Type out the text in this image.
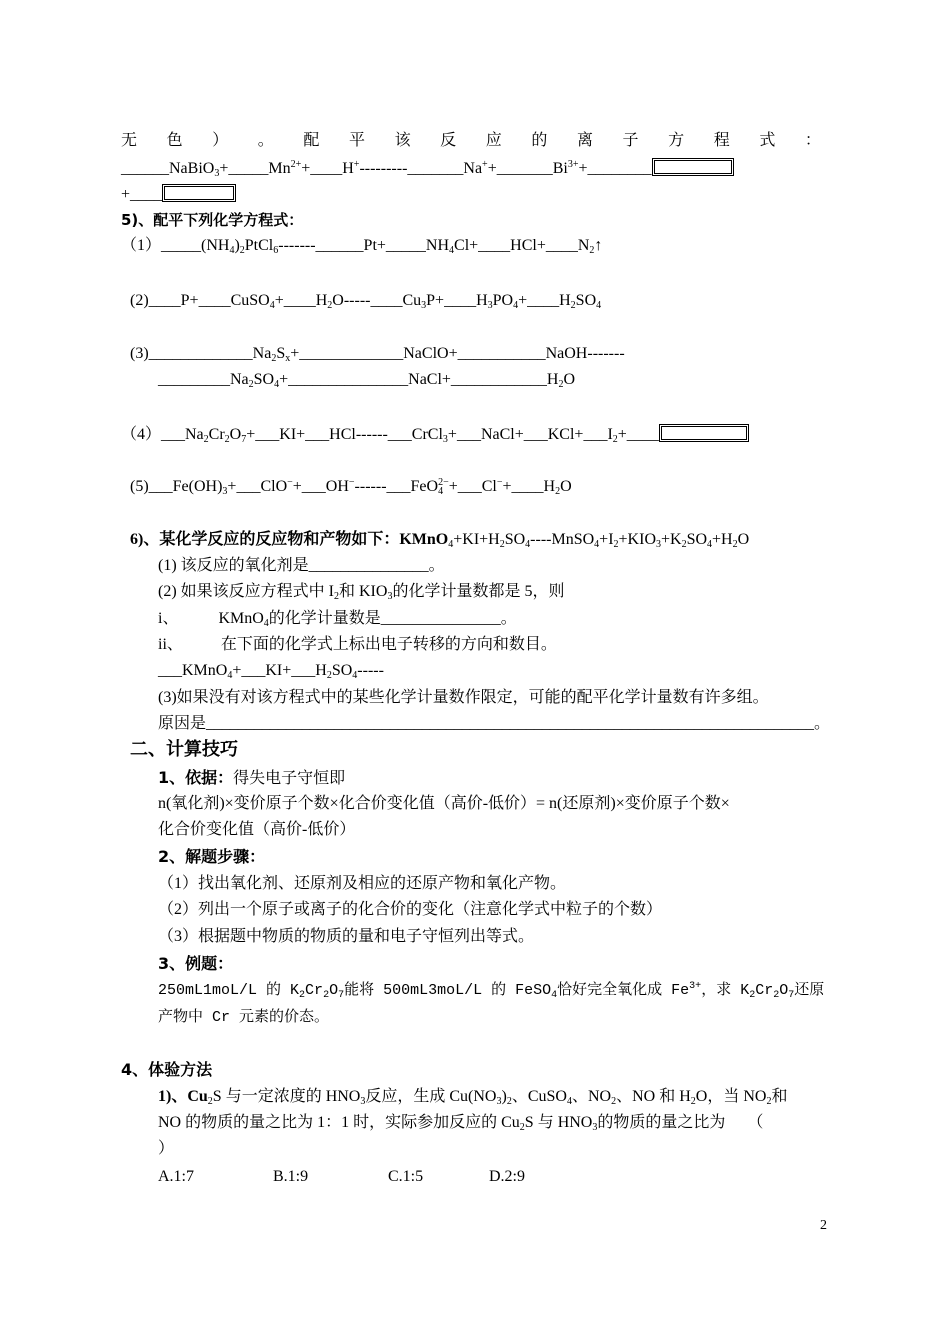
无 色 ） 。 配 平 该 反 应 的 离 子 方 程 式 ：
$\_\_\_\_\_\_NaBiO_3+\_\_\_\_\_Mn^{2+}+\_\_\_\_H^+---------\_\_\_\_\_\_\_Na^++\_\_\_\_\_\_\_Bi^{3+}+\_\_\_\_\_\_\_\_$
+____
5)、配平下列化学方程式：
$(1)\_\_\_\_\_(NH_4)_2PtCl_6-------\_\_\_\_\_\_Pt+\_\_\_\_\_NH_4Cl+\_\_\_\_HCl+\_\_\_\_N_2↑$
$(2)\_\_\_\_P+\_\_\_\_CuSO_4+\_\_\_\_H_2O-----\_\_\_\_Cu_3P+\_\_\_\_H_3PO_4+\_\_\_\_H_2SO_4$
$(3)\_\_\_\_\_\_\_\_\_\_\_\_\_Na_2S_x+\_\_\_\_\_\_\_\_\_\_\_\_\_NaClO+\_\_\_\_\_\_\_\_\_\_\_NaOH-------$
$\_\_\_\_\_\_\_\_\_Na_2SO_4+\_\_\_\_\_\_\_\_\_\_\_\_\_\_\_NaCl+\_\_\_\_\_\_\_\_\_\_\_\_H_2O$
$(4)\_\_\_Na_2Cr_2O_7+\_\_\_KI+\_\_\_HCl------\_\_\_CrCl_3+\_\_\_NaCl+\_\_\_KCl+\_\_\_I_2+\_\_\_\_$
$(5)\_\_\_Fe(OH)_3+\_\_\_ClO^-+\_\_\_OH^-------\_\_\_FeO_4^{2-}+\_\_\_Cl^-+\_\_\_\_H_2O$
6)、某化学反应的反应物和产物如下：$KMnO_4+KI+H_2SO_4----MnSO_4+I_2+KIO_3+K_2SO_4+H_2O$
(1) 该反应的氧化剂是_______________。
(2) 如果该反应方程式中 $I_2$和 $KIO_3$的化学计量数都是 5，则
i、	KMnO$_4$的化学计量数是_______________。
ii、 在下面的化学式上标出电子转移的方向和数目。
$\_\_\_KMnO_4+\_\_\_KI+\_\_\_H_2SO_4-----$
(3)如果没有对该方程式中的某些化学计量数作限定，可能的配平化学计量数有许多组。
原因是____________________________________________________________________________。
二、计算技巧
1、依据：得失电子守恒即
n(氧化剂)×变价原子个数×化合价变化值（高价-低价）= n(还原剂)×变价原子个数×
化合价变化值（高价-低价）
2、解题步骤：
（1）找出氧化剂、还原剂及相应的还原产物和氧化产物。
（2）列出一个原子或离子的化合价的变化（注意化学式中粒子的个数）
（3）根据题中物质的物质的量和电子守恒列出等式。
3、例题：
250mL1moL/L 的 $K_2Cr_2O_7$能将 500mL3moL/L 的 FeSO$_4$恰好完全氧化成 $Fe^{3+}$，求 $K_2Cr_2O_7$还原
产物中 Cr 元素的价态。
4、体验方法
1)、$Cu_2S$ 与一定浓度的 $HNO_3$反应，生成 $Cu(NO_3)_2$、CuSO$_4$、$NO_2$、NO 和 $H_2O$，当 $NO_2$和
NO 的物质的量之比为 1：1 时，实际参加反应的 $Cu_2S$ 与 $HNO_3$的物质的量之比为 （
）
A.1:7	B.1:9	C.1:5	D.2:9
2
